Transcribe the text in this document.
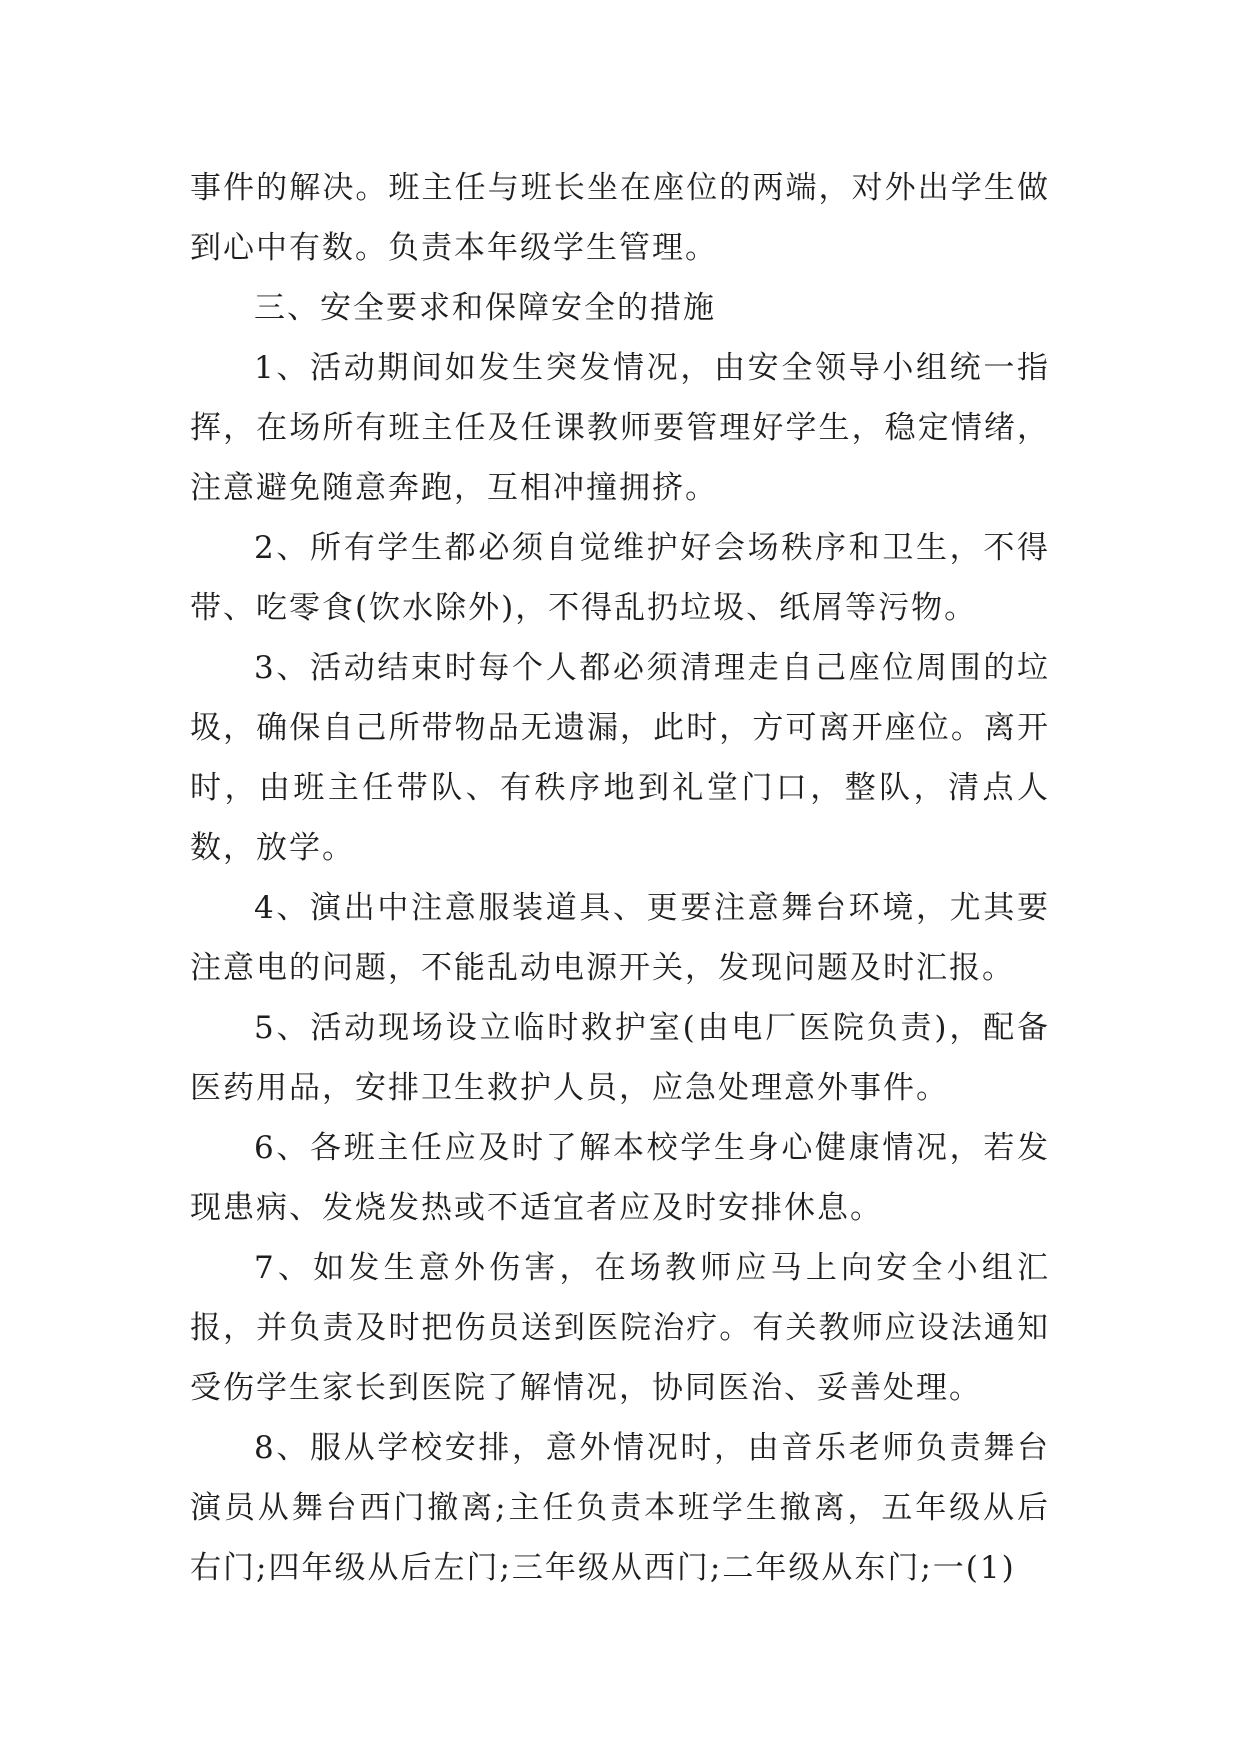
事件的解决。班主任与班长坐在座位的两端，对外出学生做到心中有数。负责本年级学生管理。

三、安全要求和保障安全的措施

1、活动期间如发生突发情况，由安全领导小组统一指挥，在场所有班主任及任课教师要管理好学生，稳定情绪，注意避免随意奔跑，互相冲撞拥挤。

2、所有学生都必须自觉维护好会场秩序和卫生，不得带、吃零食(饮水除外)，不得乱扔垃圾、纸屑等污物。

3、活动结束时每个人都必须清理走自己座位周围的垃圾，确保自己所带物品无遗漏，此时，方可离开座位。离开时，由班主任带队、有秩序地到礼堂门口，整队，清点人数，放学。

4、演出中注意服装道具、更要注意舞台环境，尤其要注意电的问题，不能乱动电源开关，发现问题及时汇报。

5、活动现场设立临时救护室(由电厂医院负责)，配备医药用品，安排卫生救护人员，应急处理意外事件。

6、各班主任应及时了解本校学生身心健康情况，若发现患病、发烧发热或不适宜者应及时安排休息。

7、如发生意外伤害，在场教师应马上向安全小组汇报，并负责及时把伤员送到医院治疗。有关教师应设法通知受伤学生家长到医院了解情况，协同医治、妥善处理。

8、服从学校安排，意外情况时，由音乐老师负责舞台演员从舞台西门撤离;主任负责本班学生撤离，五年级从后右门;四年级从后左门;三年级从西门;二年级从东门;一(1)
